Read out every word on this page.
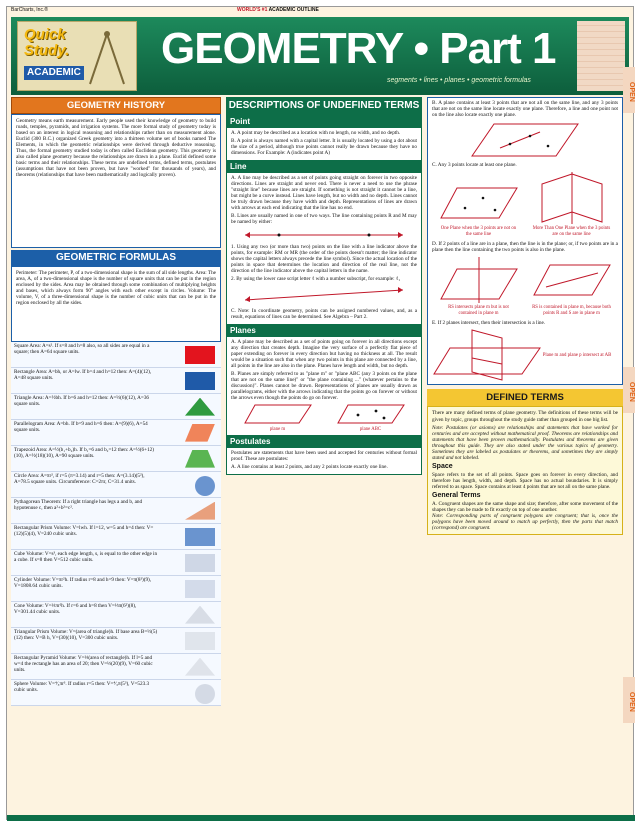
BarCharts, Inc.®	WORLD'S #1 ACADEMIC OUTLINE
Quick
Study.
ACADEMIC GEOMETRY • Part 1
segments • lines • planes • geometric formulas
OPEN
OPEN
OPEN
GEOMETRY HISTORY
Geometry means earth measurement. Early people used their knowledge of geometry to build roads, temples, pyramids, and irrigation systems. The more formal study of geometry today is based on an interest in logical reasoning and relationships rather than on measurement alone. Euclid (300 B.C.) organized Greek geometry into a thirteen volume set of books named The Elements, in which the geometric relationships were derived through deductive reasoning. Thus, the formal geometry studied today is often called Euclidean geometry. This geometry is also called plane geometry because the relationships are drawn in a plane. Euclid defined some basic terms and their relationships. These terms are undefined terms, defined terms, postulates (assumptions that have not been proven, but have "worked" for thousands of years), and theorems (relationships that have been mathematically and logically proven).
GEOMETRIC FORMULAS
Perimeter: The perimeter, P, of a two-dimensional shape is the sum of all side lengths. Area: The area, A, of a two-dimensional shape is the number of square units that can be put in the region enclosed by the sides. Area may be obtained through some combination of multiplying heights and bases, which always form 90° angles with each other except in circles. Volume: The volume, V, of a three-dimensional shape is the number of cubic units that can be put in the region enclosed by all the sides.
Square Area: A=s². If s=8 and h=8 also, so all sides are equal in a square; then A=64 square units.
Rectangle Area: A=bh, or A=lw. If b=4 and h=12 then: A=(4)(12), A=48 square units.
Triangle Area: A=½bh. If b=6 and h=12 then: A=½(6)(12), A=36 square units.
Parallelogram Area: A=bh. If b=9 and h=6 then: A=(9)(6), A=54 square units.
Trapezoid Area: A=½(b₁+b₂)h. If b₁=6 and b₂=12 then: A=½(6+12)(10), A=½(18)(10), A=90 square units.
Circle Area: A=πr², if r=5 (π=3.14) and r=5 then: A=(3.14)(5²), A=78.5 square units. Circumference: C=2πr, C=31.4 units.
Pythagorean Theorem: If a right triangle has legs a and b, and hypotenuse c, then a²+b²=c².
Rectangular Prism Volume: V=lwh. If l=12, w=5 and h=4 then: V=(12)(5)(4), V=240 cubic units.
Cube Volume: V=s³, each edge length, s, is equal to the other edge in a cube. If s=8 then V=512 cubic units.
Cylinder Volume: V=πr²h. If radius r=8 and h=9 then: V=π(8²)(9), V=1808.64 cubic units.
Cone Volume: V=⅓πr²h. If r=6 and h=8 then V=⅓π(6²)(8), V=301.44 cubic units.
Triangular Prism Volume: V=(area of triangle)h. If base area B=½(5)(12) then: V=B h, V=(30)(10), V=300 cubic units.
Rectangular Pyramid Volume: V=⅓(area of rectangle)h. If l=5 and w=4 the rectangle has an area of 20; then V=⅓(20)(9), V=60 cubic units.
Sphere Volume: V=⁴⁄₃πr³. If radius r=5 then: V=⁴⁄₃π(5³), V=523.3 cubic units.
DESCRIPTIONS OF UNDEFINED TERMS
Point

A. A point may be described as a location with no length, no width, and no depth.

B. A point is always named with a capital letter. It is usually located by using a dot about the size of a period, although true points cannot really be drawn because they have no dimensions. For Example: A (indicates point A)

Line

A. A line may be described as a set of points going straight on forever in two opposite directions. Lines are straight and never end. There is never a need to use the phrase "straight line" because lines are straight. If something is not straight it cannot be a line, but might be a curve instead. Lines have length, but no width and no depth. Lines cannot be truly drawn because they have width and depth. Representations of lines are drawn with arrows at each end indicating that the line has no end.

B. Lines are usually named in one of two ways. The line containing points R and M may be named by either:

1. Using any two (or more than two) points on the line with a line indicator above the points, for example: RM or MR (the order of the points doesn't matter; the line indicator shows the capital letters always precede the line symbol). Since the actual location of the points in space that determines the location and direction of the real line, not the direction of the line indicator above the capital letters in the name.

2. By using the lower case script letter ℓ with a number subscript, for example: ℓ₁

C. Note: In coordinate geometry, points can be assigned numbered values, and, as a result, equations of lines can be determined. See Algebra – Part 2.

Planes

A. A plane may be described as a set of points going on forever in all directions except any direction that creates depth. Imagine the very surface of a perfectly flat piece of paper extending on forever in every direction but having no thickness at all. The result would be a situation such that when any two points in this plane are connected by a line, all points in the line are also in the plane. Planes have length and width, but no depth.

B. Planes are simply referred to as "plane m" or "plane ABC (any 3 points on the plane that are not on the same line)" or "the plane containing ..." (whatever pertains to the discussion)". Planes cannot be drawn. Representations of planes are usually drawn as parallelograms, either with the arrows indicating that the points go on forever or without the arrows even though the points do go on forever.

plane m	plane ABC
Postulates

Postulates are statements that have been used and accepted for centuries without formal proof. These are postulates:

A. A line contains at least 2 points, and any 2 points locate exactly one line.

B. A plane contains at least 3 points that are not all on the same line, and any 3 points that are not on the same line locate exactly one plane. Therefore, a line and one point not on the line also locate exactly one plane.

C. Any 3 points locate at least one plane.

One Plane when the 3 points are not on the same line
More Than One Plane when the 3 points are on the same line

D. If 2 points of a line are in a plane, then the line is in the plane; or, if two points are in a plane then the line containing the two points is also in the plane.

RS intersects plane m but is not contained in plane m
RS is contained in plane m, because both points R and S are in plane m

E. If 2 planes intersect, then their intersection is a line.

Plane m and plane p intersect at AB
DEFINED TERMS

There are many defined terms of plane geometry. The definitions of these terms will be given by topic, groups throughout the study guide rather than grouped in one big list.

Note: Postulates (or axioms) are relationships and statements that have worked for centuries and are accepted without mathematical proof. Theorems are relationships and statements that have been proven mathematically. Postulates and theorems are given throughout this guide. They are also stated under the various topics of geometry. Sometimes they are labeled as postulates or theorems, and sometimes they are simply stated and not labeled.

Space

Space refers to the set of all points. Space goes on forever in every direction, and therefore has length, width, and depth. Space has no actual boundaries. It is simply referred to as space. Space contains at least 4 points that are not all on the same plane.

General Terms

A. Congruent shapes are the same shape and size; therefore, after some movement of the shapes they can be made to fit exactly on top of one another.

Note: Corresponding parts of congruent polygons are congruent; that is, once the polygons have been moved around to match up perfectly, then the parts that match (correspond) are congruent.
